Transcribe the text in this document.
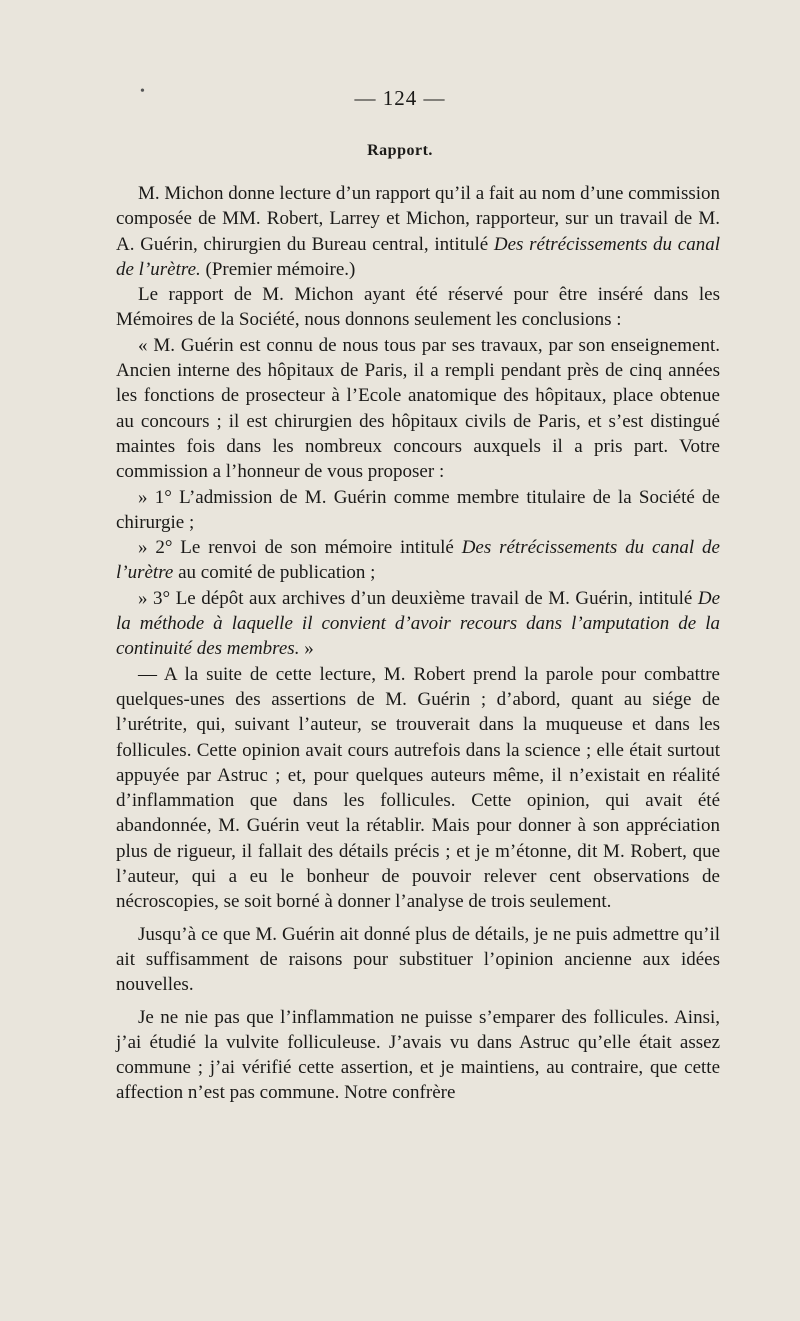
•	— 124 —
Rapport.

M. Michon donne lecture d’un rapport qu’il a fait au nom d’une commission composée de MM. Robert, Larrey et Michon, rapporteur, sur un travail de M. A. Guérin, chirurgien du Bureau central, intitulé Des rétrécissements du canal de l’urètre. (Premier mémoire.)

Le rapport de M. Michon ayant été réservé pour être inséré dans les Mémoires de la Société, nous donnons seulement les conclusions :

« M. Guérin est connu de nous tous par ses travaux, par son enseignement. Ancien interne des hôpitaux de Paris, il a rempli pendant près de cinq années les fonctions de prosecteur à l’Ecole anatomique des hôpitaux, place obtenue au concours ; il est chirurgien des hôpitaux civils de Paris, et s’est distingué maintes fois dans les nombreux concours auxquels il a pris part. Votre commission a l’honneur de vous proposer :

» 1° L’admission de M. Guérin comme membre titulaire de la Société de chirurgie ;

» 2° Le renvoi de son mémoire intitulé Des rétrécissements du canal de l’urètre au comité de publication ;

» 3° Le dépôt aux archives d’un deuxième travail de M. Guérin, intitulé De la méthode à laquelle il convient d’avoir recours dans l’amputation de la continuité des membres. »

— A la suite de cette lecture, M. Robert prend la parole pour combattre quelques-unes des assertions de M. Guérin ; d’abord, quant au siége de l’urétrite, qui, suivant l’auteur, se trouverait dans la muqueuse et dans les follicules. Cette opinion avait cours autrefois dans la science ; elle était surtout appuyée par Astruc ; et, pour quelques auteurs même, il n’existait en réalité d’inflammation que dans les follicules. Cette opinion, qui avait été abandonnée, M. Guérin veut la rétablir. Mais pour donner à son appréciation plus de rigueur, il fallait des détails précis ; et je m’étonne, dit M. Robert, que l’auteur, qui a eu le bonheur de pouvoir relever cent observations de nécroscopies, se soit borné à donner l’analyse de trois seulement.

Jusqu’à ce que M. Guérin ait donné plus de détails, je ne puis admettre qu’il ait suffisamment de raisons pour substituer l’opinion ancienne aux idées nouvelles.

Je ne nie pas que l’inflammation ne puisse s’emparer des follicules. Ainsi, j’ai étudié la vulvite folliculeuse. J’avais vu dans Astruc qu’elle était assez commune ; j’ai vérifié cette assertion, et je maintiens, au contraire, que cette affection n’est pas commune. Notre confrère
